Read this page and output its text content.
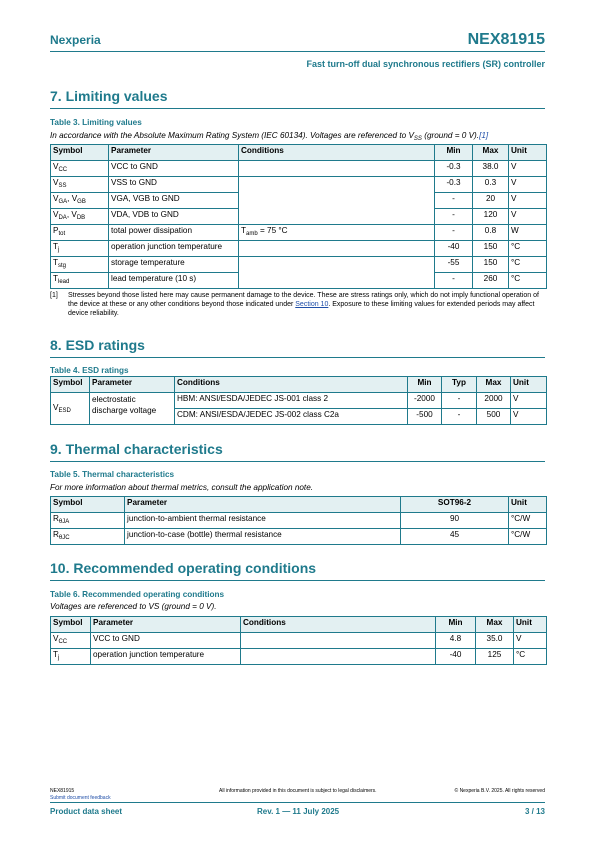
Nexperia	NEX81915
Fast turn-off dual synchronous rectifiers (SR) controller
7. Limiting values
Table 3. Limiting values
In accordance with the Absolute Maximum Rating System (IEC 60134). Voltages are referenced to $V_{SS}$ (ground = 0 V).[1]
Symbol	Parameter	Conditions	Min	Max	Unit
$V_{CC}$	VCC to GND		-0.3	38.0	V
$V_{SS}$	VSS to GND		-0.3	0.3	V
$V_{GA}$, $V_{GB}$	VGA, VGB to GND		-	20	V
$V_{DA}$, $V_{DB}$	VDA, VDB to GND		-	120	V
$P_{tot}$	total power dissipation	$T_{amb} = 75$ °C	-	0.8	W
$T_j$	operation junction temperature		-40	150	°C
$T_{stg}$	storage temperature		-55	150	°C
$T_{lead}$	lead temperature (10 s)		-	260	°C
[1] Stresses beyond those listed here may cause permanent damage to the device. These are stress ratings only, which do not imply functional operation of the device at these or any other conditions beyond those indicated under Section 10. Exposure to these limiting values for extended periods may affect device reliability.
8. ESD ratings
Table 4. ESD ratings
Symbol	Parameter	Conditions	Min	Typ	Max	Unit
$V_{ESD}$	electrostatic discharge voltage	HBM: ANSI/ESDA/JEDEC JS-001 class 2	-2000	-	2000	V
		CDM: ANSI/ESDA/JEDEC JS-002 class C2a	-500	-	500	V
9. Thermal characteristics
Table 5. Thermal characteristics
For more information about thermal metrics, consult the application note.
Symbol	Parameter	SOT96-2	Unit
$R_{\theta JA}$	junction-to-ambient thermal resistance	90	°C/W
$R_{\theta JC}$	junction-to-case (bottle) thermal resistance	45	°C/W
10. Recommended operating conditions
Table 6. Recommended operating conditions
Voltages are referenced to VS (ground = 0 V).
Symbol	Parameter	Conditions	Min	Max	Unit
$V_{CC}$	VCC to GND		4.8	35.0	V
$T_j$	operation junction temperature		-40	125	°C
NEX81915
Submit document feedback
All information provided in this document is subject to legal disclaimers.	© Nexperia B.V. 2025. All rights reserved
Product data sheet	Rev. 1 — 11 July 2025	3 / 13
